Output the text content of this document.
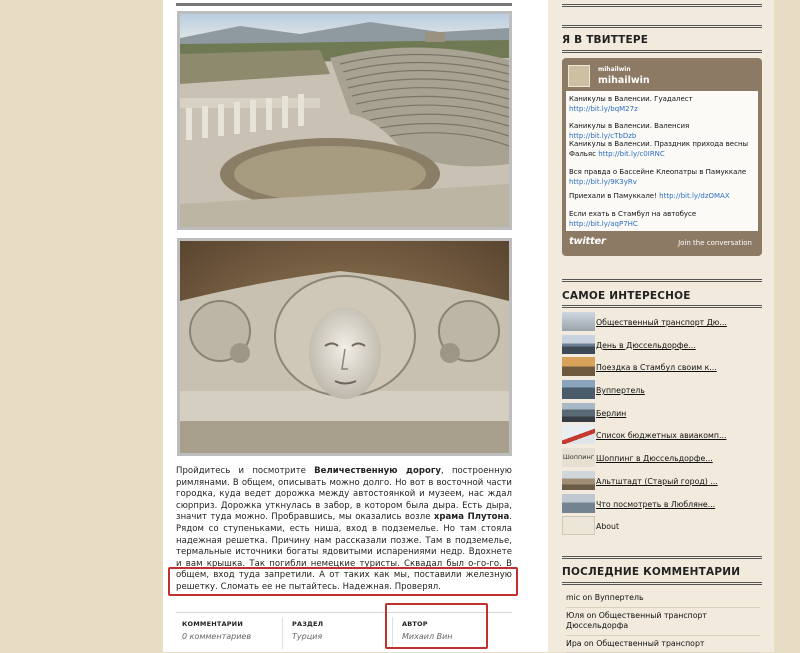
Пройдитесь и посмотрите Величественную дорогу, построенную римлянами. В общем, описывать можно долго. Но вот в восточной части городка, куда ведет дорожка между автостоянкой и музеем, нас ждал сюрприз. Дорожка уткнулась в забор, в котором была дыра. Есть дыра, значит туда можно. Пробравшись, мы оказались возле храма Плутона. Рядом со ступеньками, есть ниша, вход в подземелье. Но там стояла надежная решетка. Причину нам рассказали позже. Там в подземелье, термальные источники богаты ядовитыми испарениями недр. Вдохнете и вам крышка. Так погибли немецкие туристы. Сквадал был о-го-го. В общем, вход туда запретили. А от таких как мы, поставили железную решетку. Сломать ее не пытайтесь. Надежная. Проверял.
КОММЕНТАРИИ
0 комментариев
РАЗДЕЛ
Турция
АВТОР
Михаил Вин
Я В ТВИТТЕРЕ
mihailwin
mihailwin
Каникулы в Валенсии. Гуадалест http://bit.ly/bqM27z
Каникулы в Валенсии. Валенсия http://bit.ly/cTbDzb
Каникулы в Валенсии. Праздник прихода весны Фальяс http://bit.ly/c0IRNC
Вся правда о Бассейне Клеопатры в Памуккале http://bit.ly/9K3yRv
Приехали в Памуккале! http://bit.ly/dzOMAX
Если ехать в Стамбул на автобусе http://bit.ly/aqP7HC
twitter	Join the conversation
САМОЕ ИНТЕРЕСНОЕ
Общественный транспорт Дю...
День в Дюссельдорфе...
Поездка в Стамбул своим к...
Вуппертель
Берлин
Список бюджетных авиакомп...
Шоппинг Шоппинг в Дюссельдорфе...
Альтштадт (Старый город) ...
Что посмотреть в Любляне...
About
ПОСЛЕДНИЕ КОММЕНТАРИИ
mic on Вуппертель
Юля on Общественный транспорт Дюссельдорфа
Ира on Общественный транспорт
